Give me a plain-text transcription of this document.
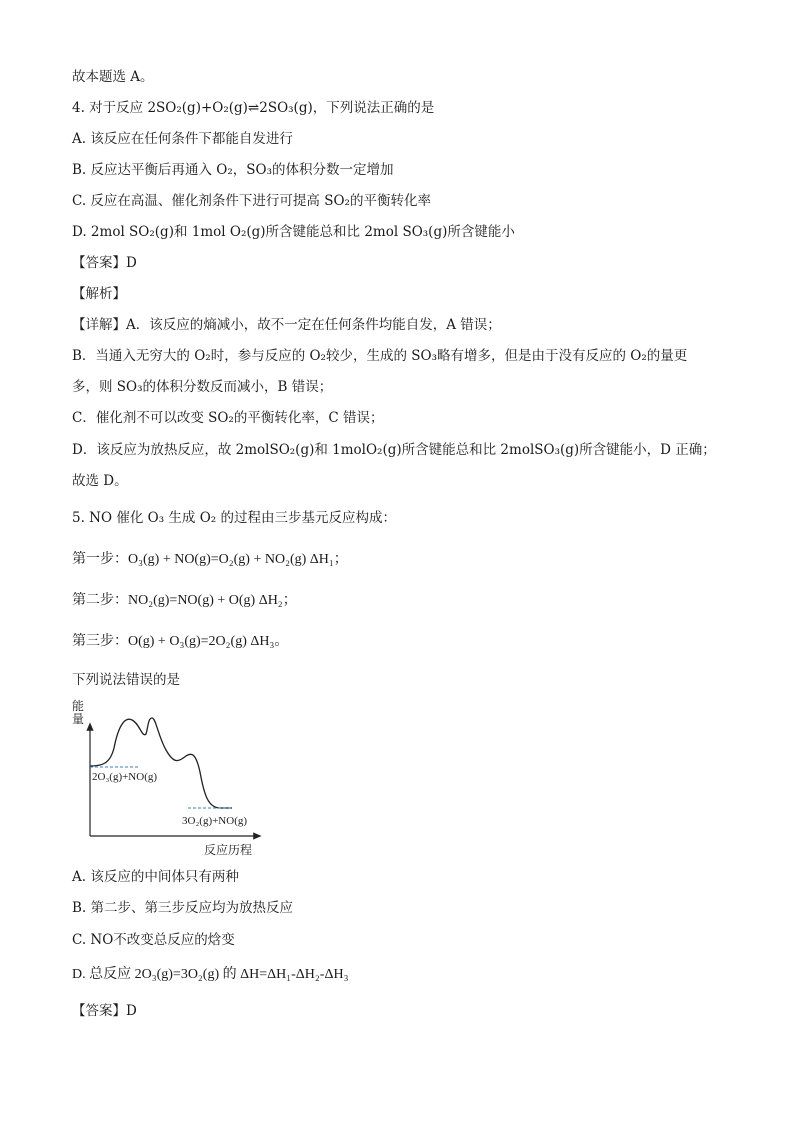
故本题选 A。
4. 对于反应 2SO₂(g)+O₂(g)⇌2SO₃(g)，下列说法正确的是
A. 该反应在任何条件下都能自发进行
B. 反应达平衡后再通入 O₂，SO₃的体积分数一定增加
C. 反应在高温、催化剂条件下进行可提高 SO₂的平衡转化率
D. 2mol SO₂(g)和 1mol O₂(g)所含键能总和比 2mol SO₃(g)所含键能小
【答案】D
【解析】
【详解】A．该反应的熵减小，故不一定在任何条件均能自发，A 错误；
B．当通入无穷大的 O₂时，参与反应的 O₂较少，生成的 SO₃略有增多，但是由于没有反应的 O₂的量更
多，则 SO₃的体积分数反而减小，B 错误；
C．催化剂不可以改变 SO₂的平衡转化率，C 错误；
D．该反应为放热反应，故 2molSO₂(g)和 1molO₂(g)所含键能总和比 2molSO₃(g)所含键能小，D 正确；
故选 D。
5. NO 催化 O₃ 生成 O₂ 的过程由三步基元反应构成：
第一步：O₃(g) + NO(g)=O₂(g) + NO₂(g) ΔH₁；
第二步：NO₂(g)=NO(g) + O(g) ΔH₂；
第三步：O(g) + O₃(g)=2O₂(g) ΔH₃。
下列说法错误的是
能量
2O₃(g)+NO(g)
3O₂(g)+NO(g)
反应历程
A. 该反应的中间体只有两种
B. 第二步、第三步反应均为放热反应
C. NO不改变总反应的焓变
D. 总反应 2O₃(g)=3O₂(g) 的 ΔH=ΔH₁-ΔH₂-ΔH₃
【答案】D
